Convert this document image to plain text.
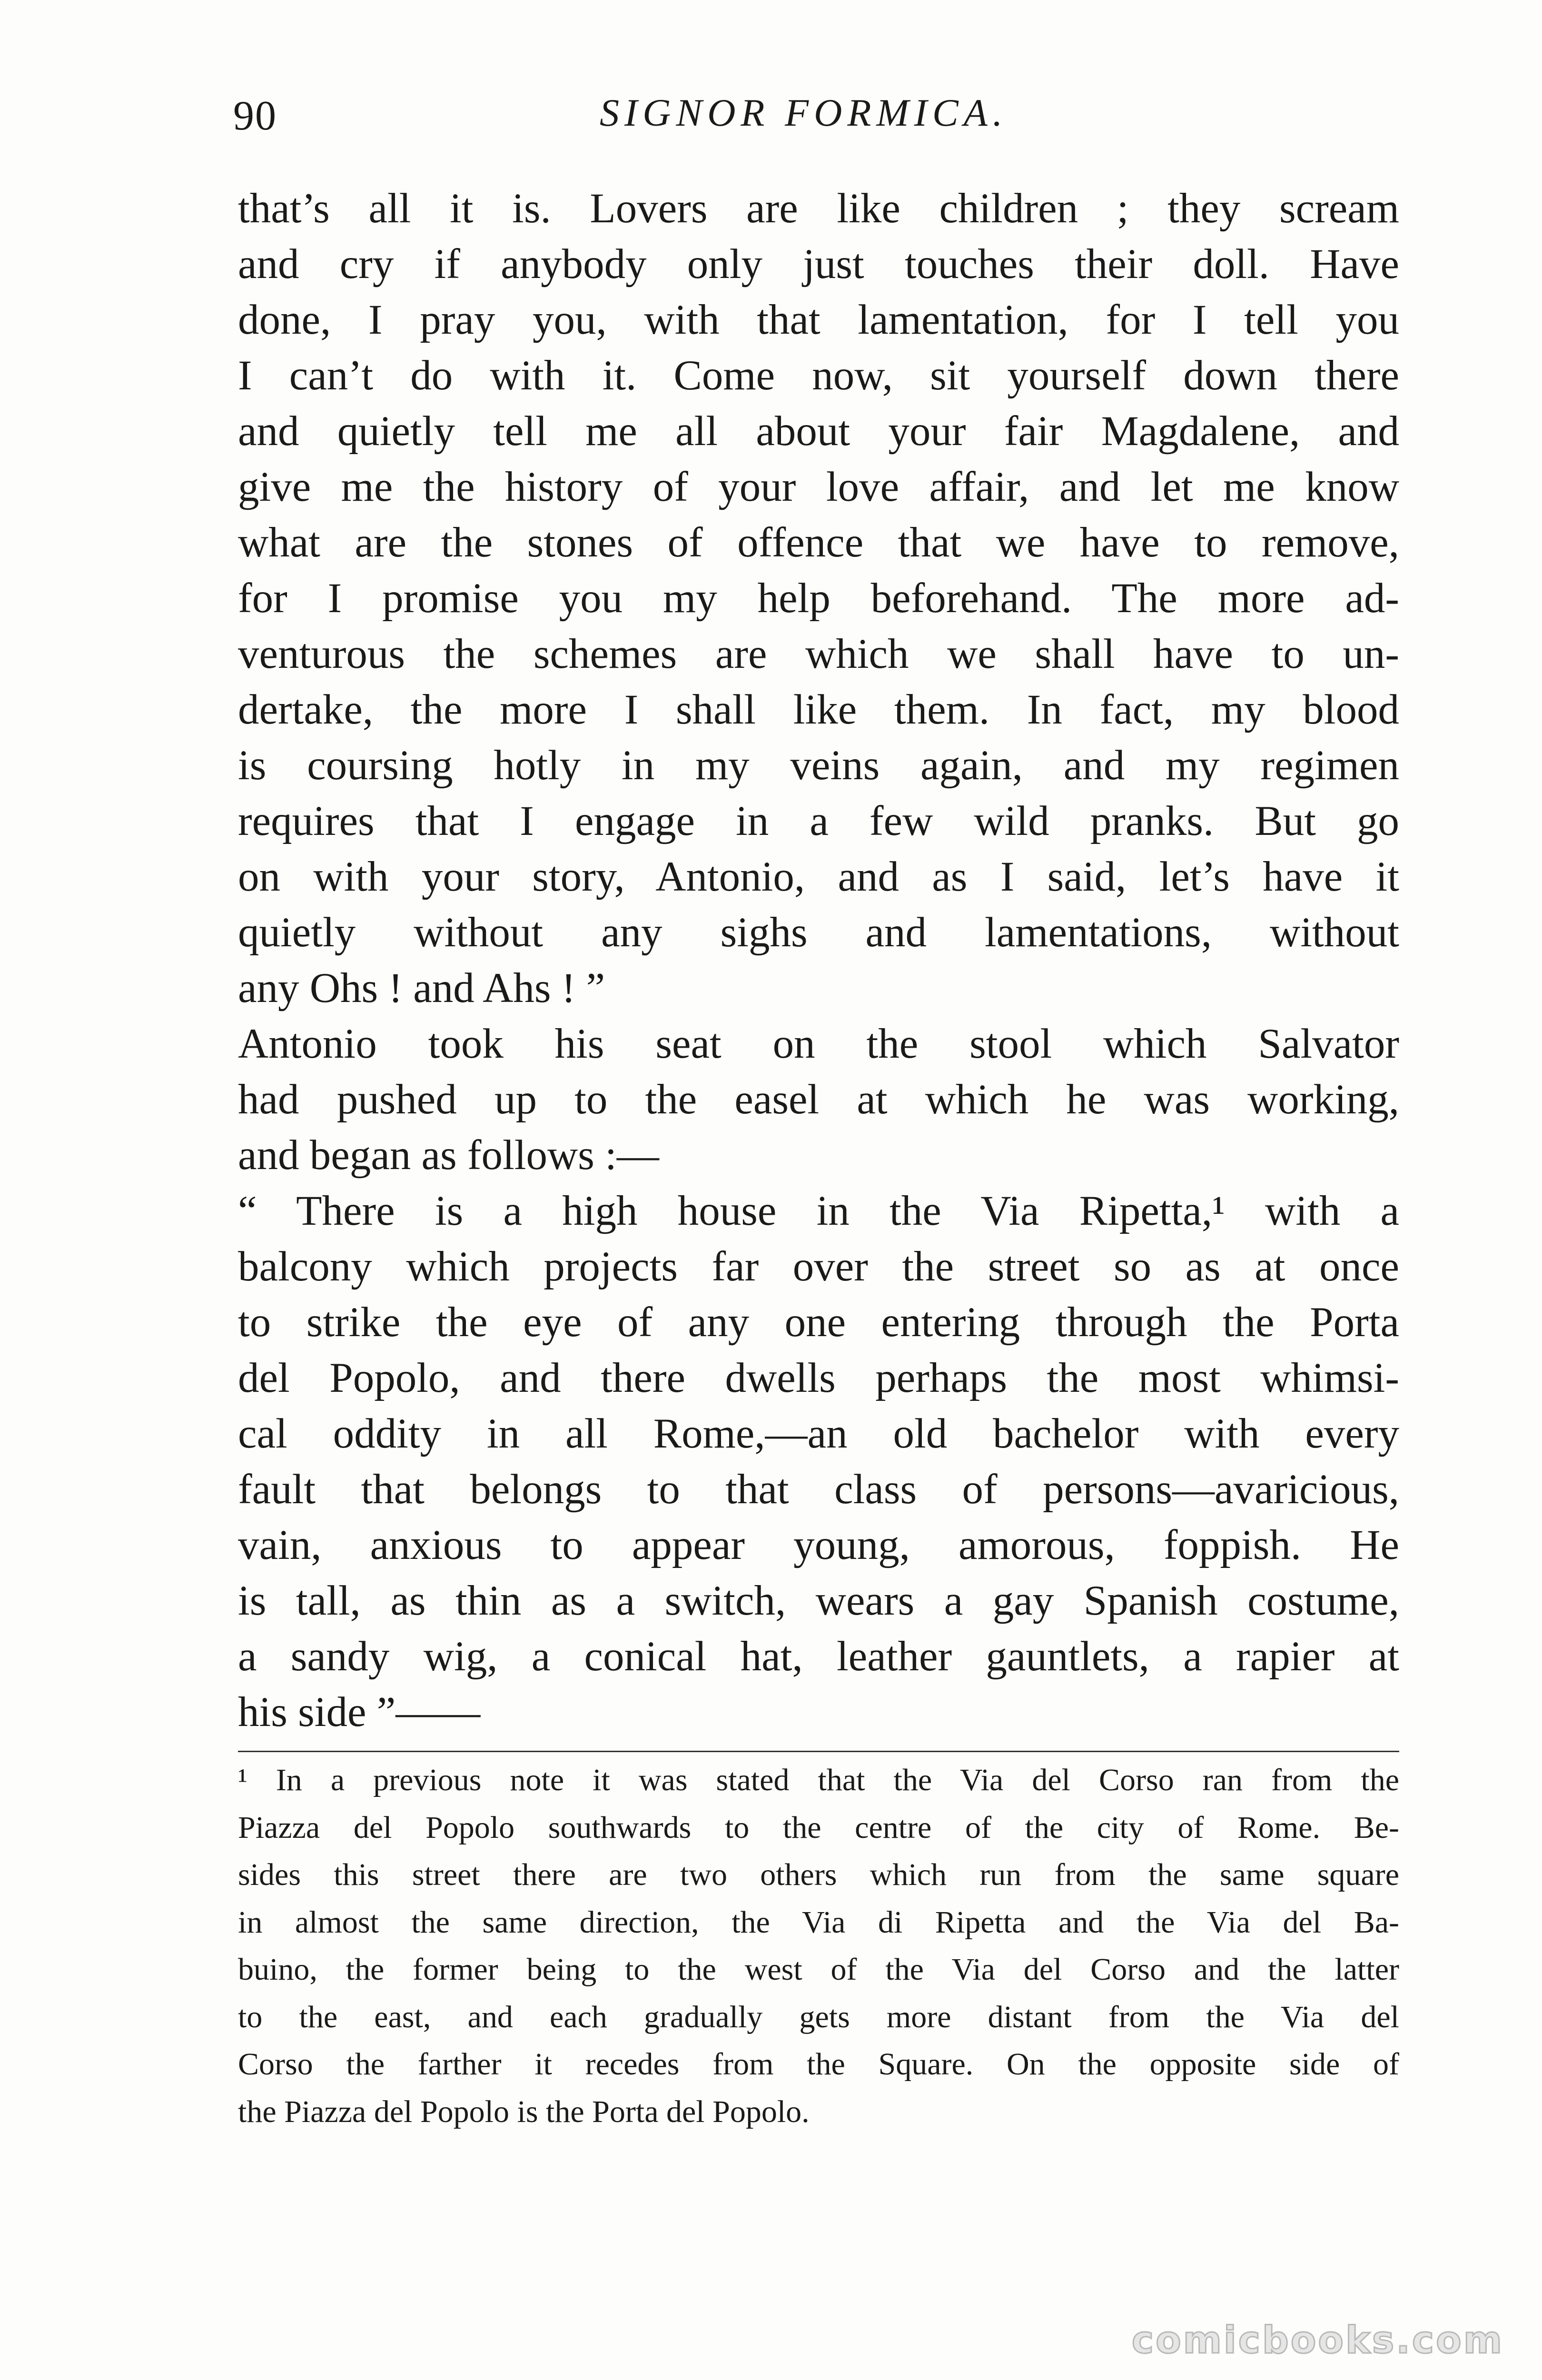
90	SIGNOR FORMICA.
that’s all it is. Lovers are like children ; they scream
and cry if anybody only just touches their doll. Have
done, I pray you, with that lamentation, for I tell you
I can’t do with it. Come now, sit yourself down there
and quietly tell me all about your fair Magdalene, and
give me the history of your love affair, and let me know
what are the stones of offence that we have to remove,
for I promise you my help beforehand. The more ad-
venturous the schemes are which we shall have to un-
dertake, the more I shall like them. In fact, my blood
is coursing hotly in my veins again, and my regimen
requires that I engage in a few wild pranks. But go
on with your story, Antonio, and as I said, let’s have it
quietly without any sighs and lamentations, without
any Ohs ! and Ahs ! ”
Antonio took his seat on the stool which Salvator
had pushed up to the easel at which he was working,
and began as follows :—
“ There is a high house in the Via Ripetta,¹ with a
balcony which projects far over the street so as at once
to strike the eye of any one entering through the Porta
del Popolo, and there dwells perhaps the most whimsi-
cal oddity in all Rome,—an old bachelor with every
fault that belongs to that class of persons—avaricious,
vain, anxious to appear young, amorous, foppish. He
is tall, as thin as a switch, wears a gay Spanish costume,
a sandy wig, a conical hat, leather gauntlets, a rapier at
his side ”——
¹ In a previous note it was stated that the Via del Corso ran from the
Piazza del Popolo southwards to the centre of the city of Rome. Be-
sides this street there are two others which run from the same square
in almost the same direction, the Via di Ripetta and the Via del Ba-
buino, the former being to the west of the Via del Corso and the latter
to the east, and each gradually gets more distant from the Via del
Corso the farther it recedes from the Square. On the opposite side of
the Piazza del Popolo is the Porta del Popolo.
comicbooks.com
